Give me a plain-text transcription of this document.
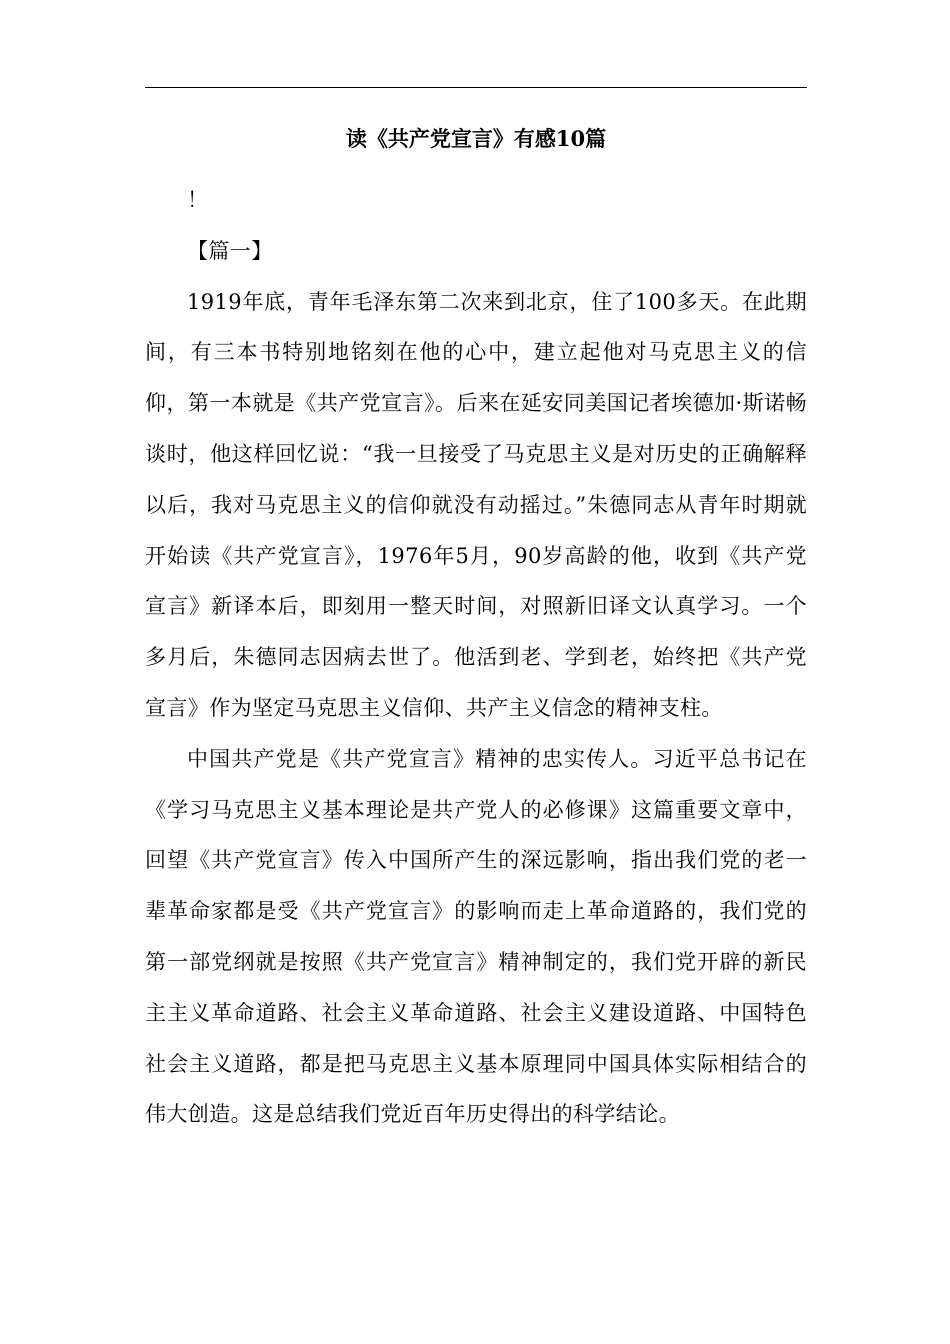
读《共产党宣言》有感10篇

！

【篇一】

1919年底，青年毛泽东第二次来到北京，住了100多天。在此期间，有三本书特别地铭刻在他的心中，建立起他对马克思主义的信仰，第一本就是《共产党宣言》。后来在延安同美国记者埃德加·斯诺畅谈时，他这样回忆说：“我一旦接受了马克思主义是对历史的正确解释以后，我对马克思主义的信仰就没有动摇过。”朱德同志从青年时期就开始读《共产党宣言》，1976年5月，90岁高龄的他，收到《共产党宣言》新译本后，即刻用一整天时间，对照新旧译文认真学习。一个多月后，朱德同志因病去世了。他活到老、学到老，始终把《共产党宣言》作为坚定马克思主义信仰、共产主义信念的精神支柱。

中国共产党是《共产党宣言》精神的忠实传人。习近平总书记在《学习马克思主义基本理论是共产党人的必修课》这篇重要文章中，回望《共产党宣言》传入中国所产生的深远影响，指出我们党的老一辈革命家都是受《共产党宣言》的影响而走上革命道路的，我们党的第一部党纲就是按照《共产党宣言》精神制定的，我们党开辟的新民主主义革命道路、社会主义革命道路、社会主义建设道路、中国特色社会主义道路，都是把马克思主义基本原理同中国具体实际相结合的伟大创造。这是总结我们党近百年历史得出的科学结论。
